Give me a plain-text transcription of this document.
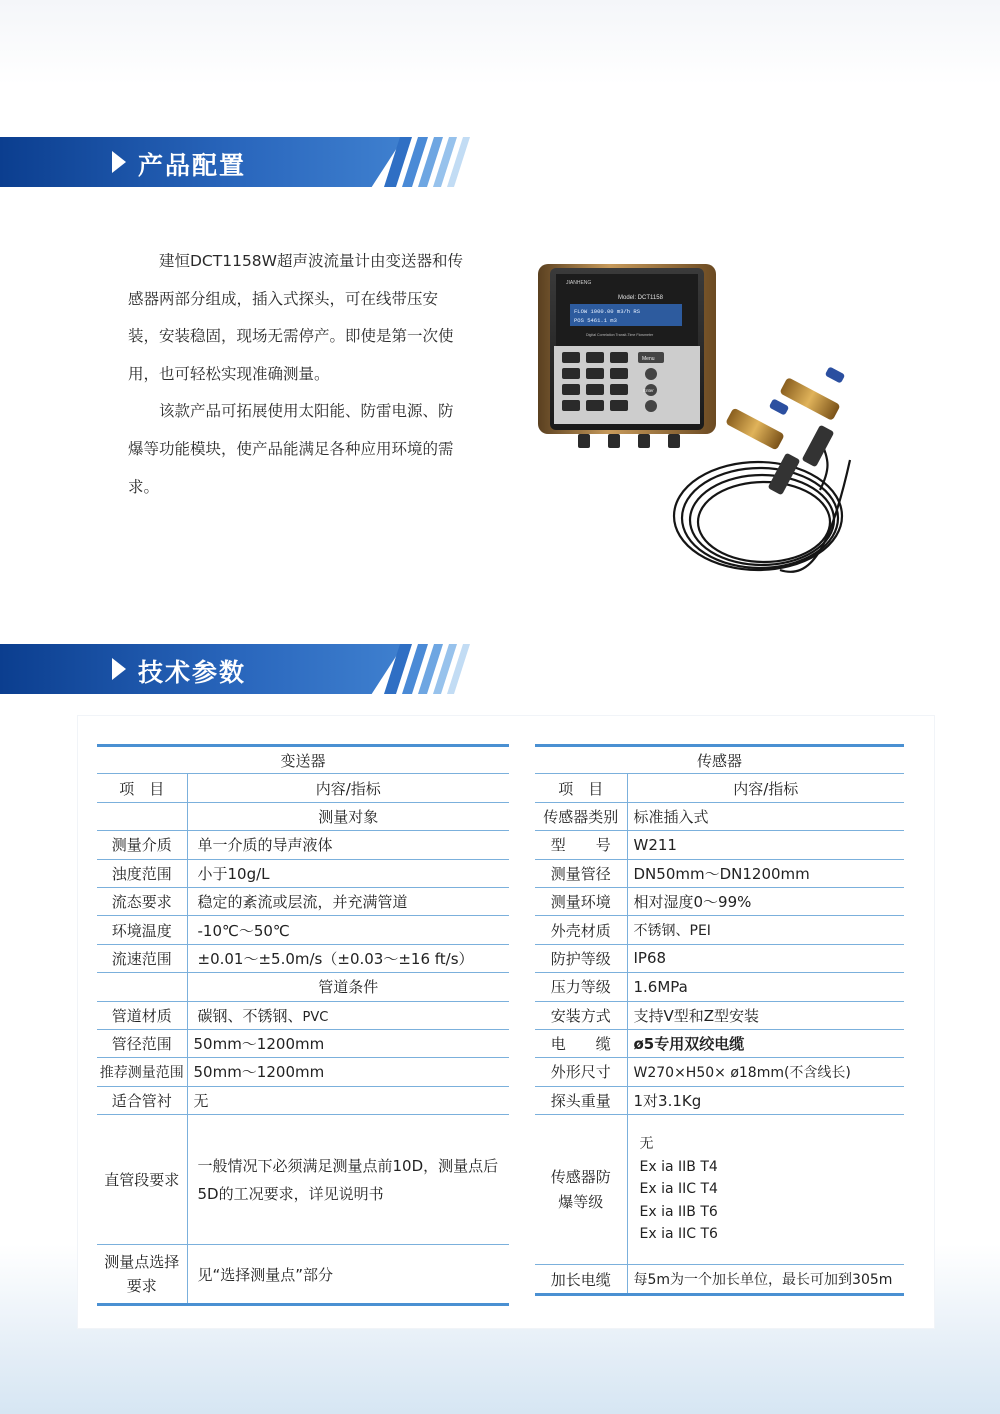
产品配置

建恒DCT1158W超声波流量计由变送器和传感器两部分组成，插入式探头，可在线带压安装，安装稳固，现场无需停产。即使是第一次使用，也可轻松实现准确测量。

该款产品可拓展使用太阳能、防雷电源、防爆等功能模块，使产品能满足各种应用环境的需求。

JIANHENG
Model: DCT1158
FLOW 1000.00 m3/h RS
POS 5461.1 m3
Digital Correlation Transit-Time Flowmeter
Menu
Enter
技术参数
变送器	
项　目	内容/指标
	测量对象
测量介质	单一介质的导声液体
浊度范围	小于10g/L
流态要求	稳定的紊流或层流，并充满管道
环境温度	-10℃～50℃
流速范围	±0.01～±5.0m/s（±0.03～±16 ft/s）
	管道条件
管道材质	碳钢、不锈钢、PVC
管径范围	50mm～1200mm
推荐测量范围	50mm～1200mm
适合管衬	无
直管段要求	一般情况下必须满足测量点前10D，测量点后5D的工况要求，详见说明书
测量点选择要求	见“选择测量点”部分
传感器	
项　目	内容/指标
传感器类别	标准插入式
型　　号	W211
测量管径	DN50mm～DN1200mm
测量环境	相对湿度0～99%
外壳材质	不锈钢、PEI
防护等级	IP68
压力等级	1.6MPa
安装方式	支持V型和Z型安装
电　　缆	ø5专用双绞电缆
外形尺寸	W270×H50× ø18mm(不含线长)
探头重量	1对3.1Kg
传感器防爆等级	无
Ex ia IIB T4
Ex ia IIC T4
Ex ia IIB T6
Ex ia IIC T6

加长电缆	每5m为一个加长单位，最长可加到305m
